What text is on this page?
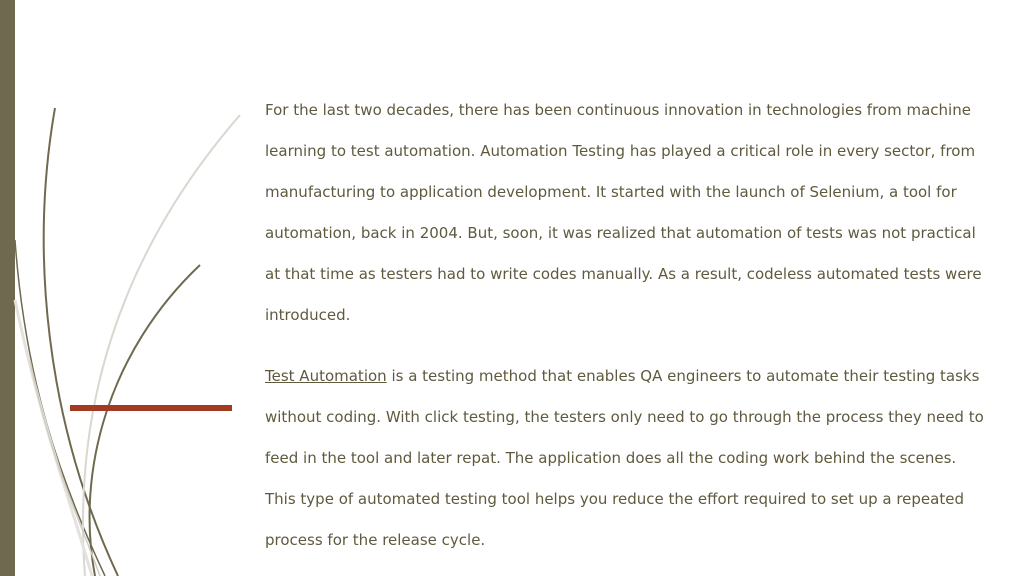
For the last two decades, there has been continuous innovation in technologies from machine learning to test automation. Automation Testing has played a critical role in every sector, from manufacturing to application development. It started with the launch of Selenium, a tool for automation, back in 2004. But, soon, it was realized that automation of tests was not practical at that time as testers had to write codes manually. As a result, codeless automated tests were introduced.

Test Automation is a testing method that enables QA engineers to automate their testing tasks without coding. With click testing, the testers only need to go through the process they need to feed in the tool and later repat. The application does all the coding work behind the scenes. This type of automated testing tool helps you reduce the effort required to set up a repeated process for the release cycle.
